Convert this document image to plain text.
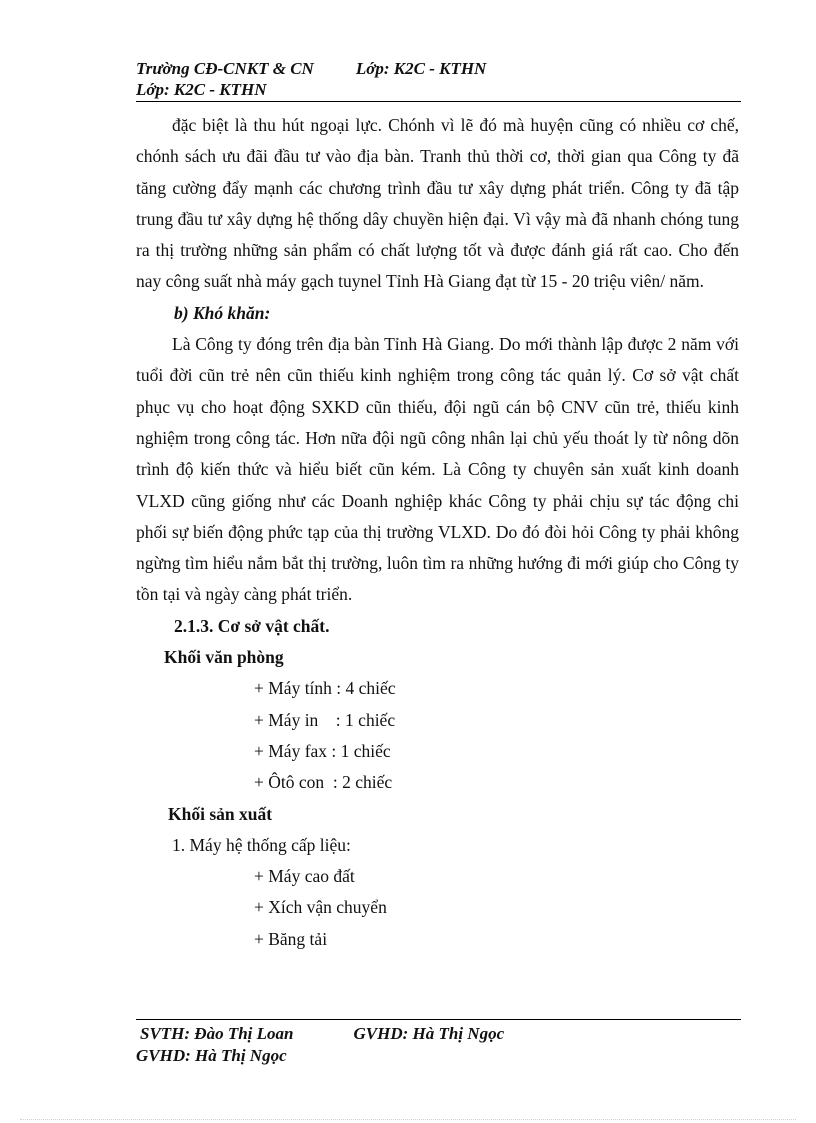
Trường CĐ-CNKT & CN Lớp: K2C - KTHN
Lớp: K2C - KTHN

đặc biệt là thu hút ngoại lực. Chónh vì lẽ đó mà huyện cũng có nhiều cơ chế, chónh sách ưu đãi đầu tư vào địa bàn. Tranh thủ thời cơ, thời gian qua Công ty đã tăng cường đẩy mạnh các chương trình đầu tư xây dựng phát triển. Công ty đã tập trung đầu tư xây dựng hệ thống dây chuyền hiện đại. Vì vậy mà đã nhanh chóng tung ra thị trường những sản phẩm có chất lượng tốt và được đánh giá rất cao. Cho đến nay công suất nhà máy gạch tuynel Tỉnh Hà Giang đạt từ 15 - 20 triệu viên/ năm.

b) Khó khăn:

Là Công ty đóng trên địa bàn Tỉnh Hà Giang. Do mới thành lập được 2 năm với tuổi đời cũn trẻ nên cũn thiếu kinh nghiệm trong công tác quản lý. Cơ sở vật chất phục vụ cho hoạt động SXKD cũn thiếu, đội ngũ cán bộ CNV cũn trẻ, thiếu kinh nghiệm trong công tác. Hơn nữa đội ngũ công nhân lại chủ yếu thoát ly từ nông dõn trình độ kiến thức và hiểu biết cũn kém. Là Công ty chuyên sản xuất kinh doanh VLXD cũng giống như các Doanh nghiệp khác Công ty phải chịu sự tác động chi phối sự biến động phức tạp của thị trường VLXD. Do đó đòi hỏi Công ty phải không ngừng tìm hiểu nắm bắt thị trường, luôn tìm ra những hướng đi mới giúp cho Công ty tồn tại và ngày càng phát triển.

2.1.3. Cơ sở vật chất.

Khối văn phòng

+ Máy tính : 4 chiếc

+ Máy in    : 1 chiếc

+ Máy fax : 1 chiếc

+ Ôtô con  : 2 chiếc

Khối sản xuất

1. Máy hệ thống cấp liệu:

+ Máy cao đất

+ Xích vận chuyển

+ Băng tải

SVTH: Đào Thị Loan	GVHD: Hà Thị Ngọc
GVHD: Hà Thị Ngọc
